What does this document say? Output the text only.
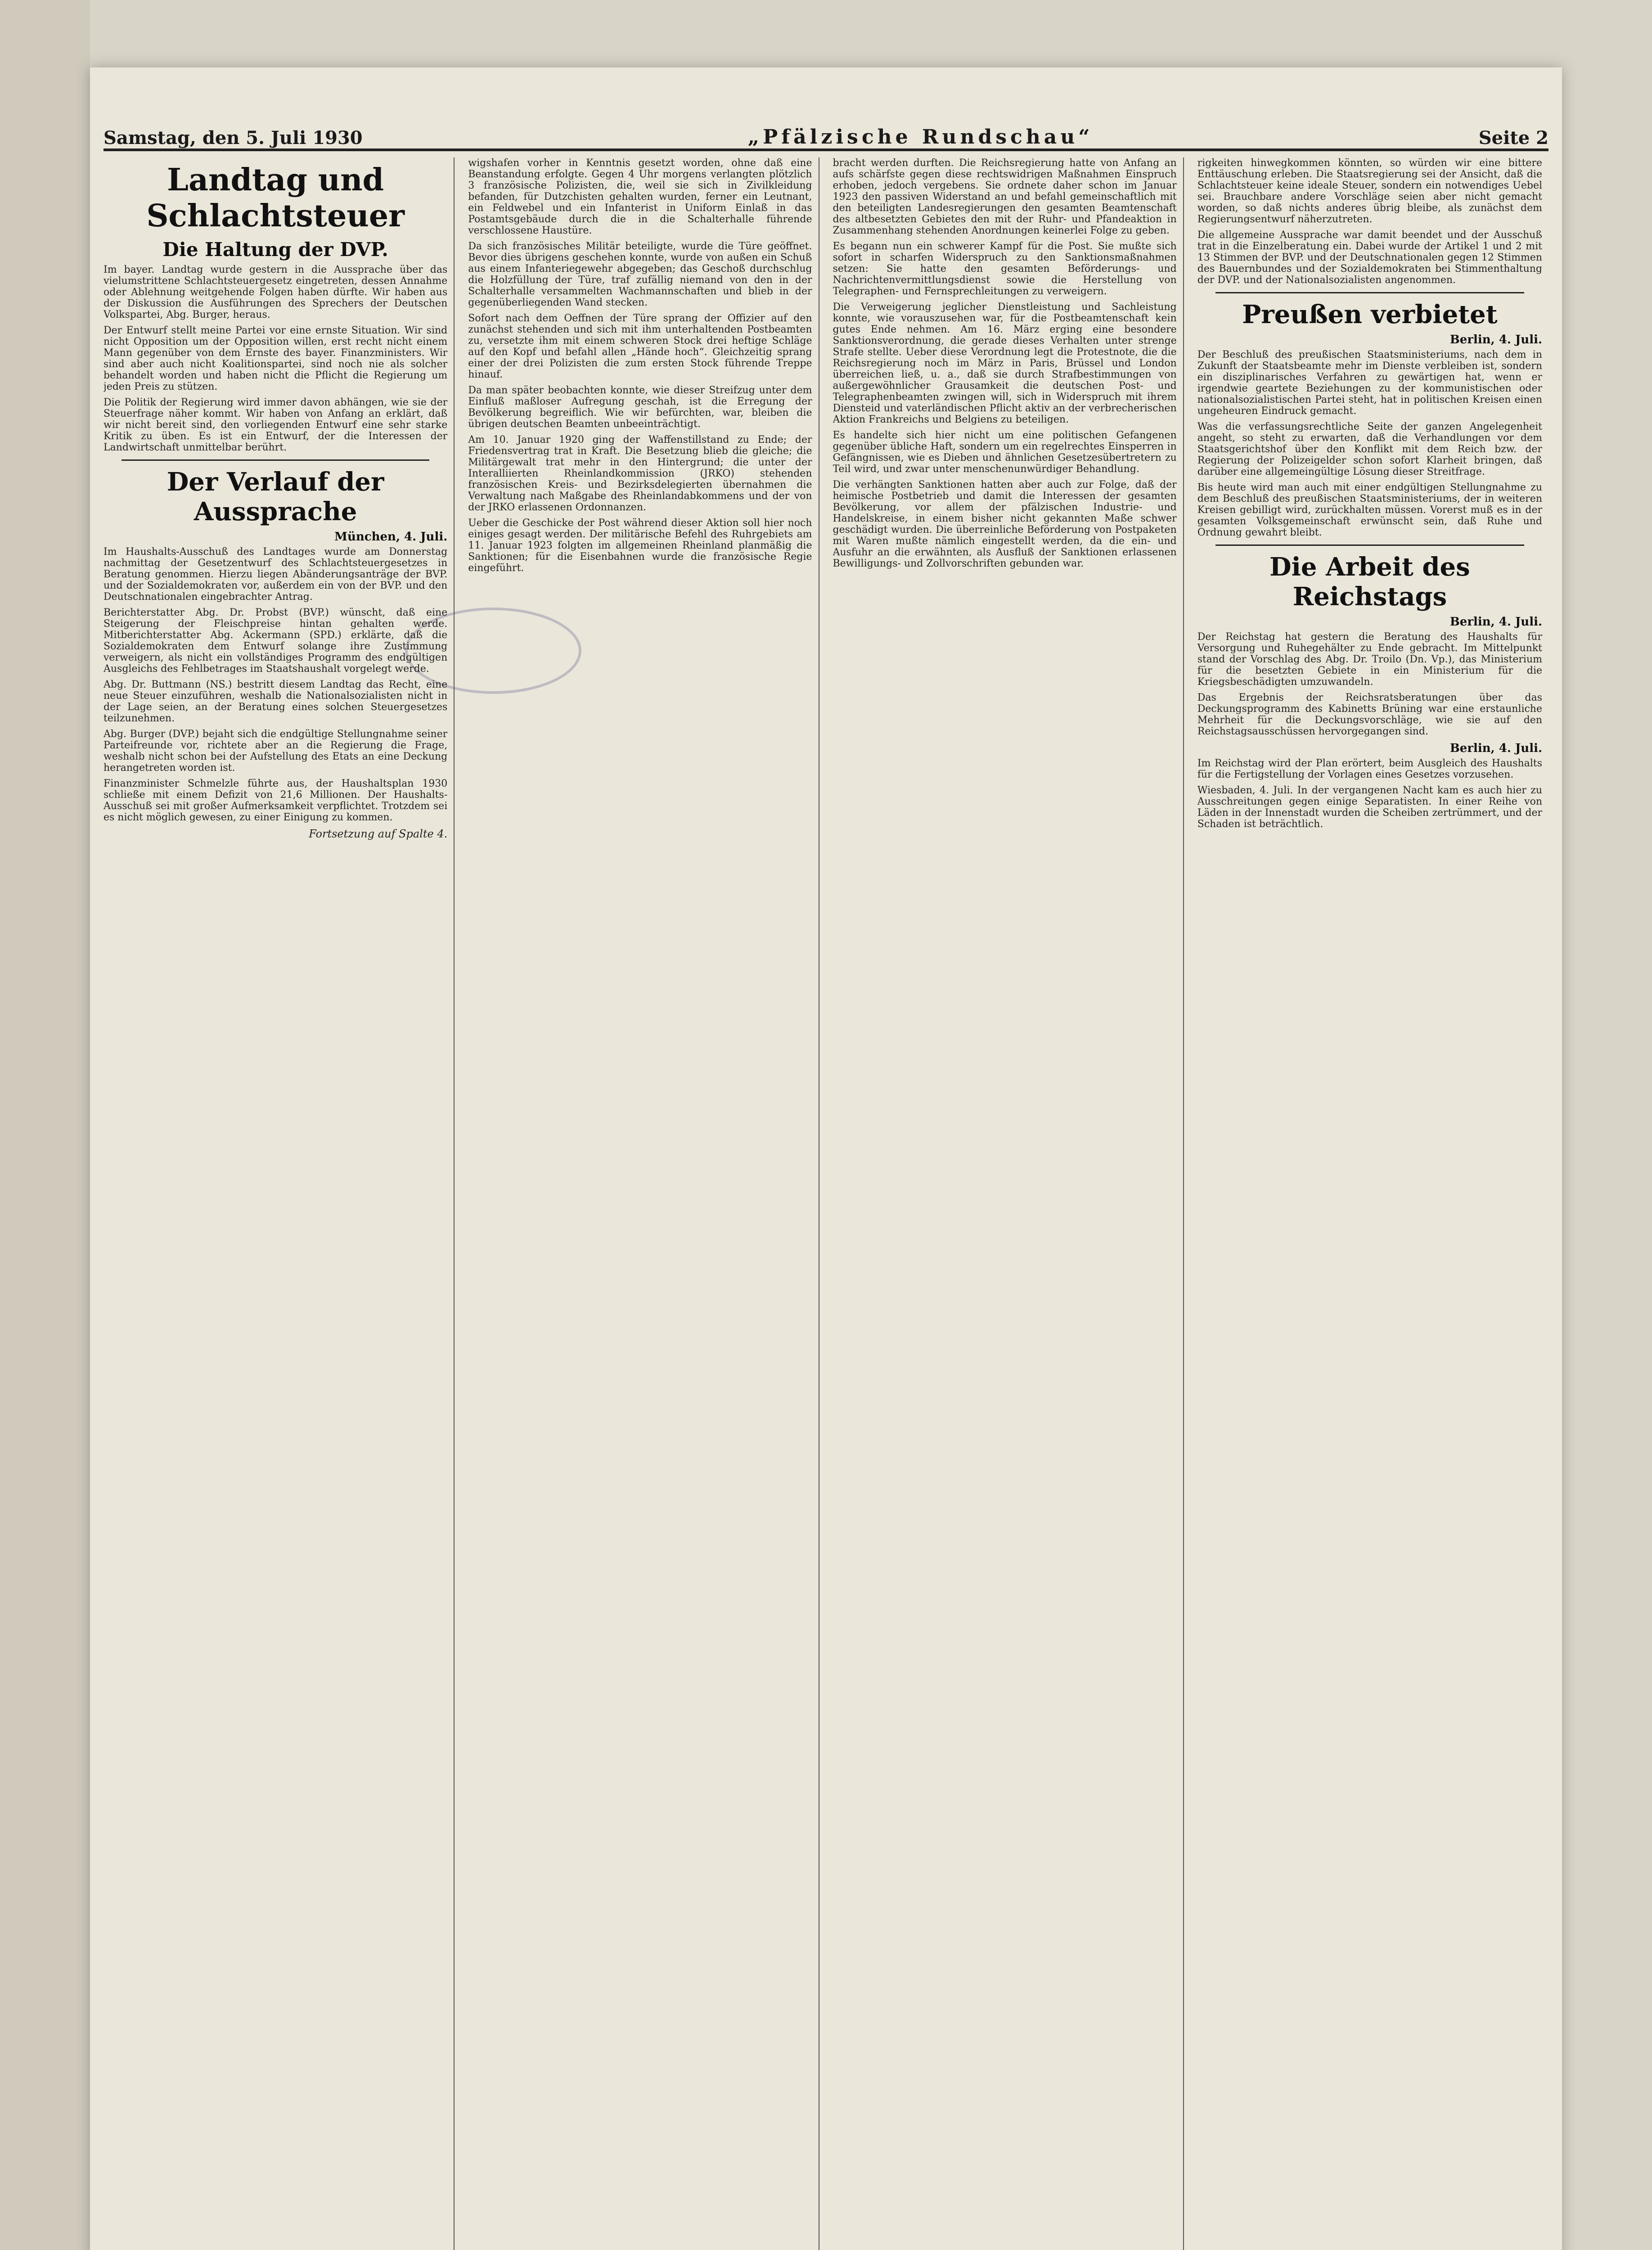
Samstag, den 5. Juli 1930	„Pfälzische Rundschau“	Seite 2
Landtag und Schlachtsteuer
Die Haltung der DVP.

Im bayer. Landtag wurde gestern in die Aussprache über das vielumstrittene Schlachtsteuergesetz eingetreten, dessen Annahme oder Ablehnung weitgehende Folgen haben dürfte. Wir haben aus der Diskussion die Ausführungen des Sprechers der Deutschen Volkspartei, Abg. Burger, heraus.

Der Entwurf stellt meine Partei vor eine ernste Situation. Wir sind nicht Opposition um der Opposition willen, erst recht nicht einem Mann gegenüber von dem Ernste des bayer. Finanzministers. Wir sind aber auch nicht Koalitionspartei, sind noch nie als solcher behandelt worden und haben nicht die Pflicht die Regierung um jeden Preis zu stützen.

Die Politik der Regierung wird immer davon abhängen, wie sie der Steuerfrage näher kommt. Wir haben von Anfang an erklärt, daß wir nicht bereit sind, den vorliegenden Entwurf eine sehr starke Kritik zu üben. Es ist ein Entwurf, der die Interessen der Landwirtschaft unmittelbar berührt.

Der Verlauf der Aussprache
München, 4. Juli.

Im Haushalts-Ausschuß des Landtages wurde am Donnerstag nachmittag der Gesetzentwurf des Schlachtsteuergesetzes in Beratung genommen. Hierzu liegen Abänderungsanträge der BVP. und der Sozialdemokraten vor, außerdem ein von der BVP. und den Deutschnationalen eingebrachter Antrag.

Berichterstatter Abg. Dr. Probst (BVP.) wünscht, daß eine Steigerung der Fleischpreise hintan gehalten werde. Mitberichterstatter Abg. Ackermann (SPD.) erklärte, daß die Sozialdemokraten dem Entwurf solange ihre Zustimmung verweigern, als nicht ein vollständiges Programm des endgültigen Ausgleichs des Fehlbetrages im Staatshaushalt vorgelegt werde.

Abg. Dr. Buttmann (NS.) bestritt diesem Landtag das Recht, eine neue Steuer einzuführen, weshalb die Nationalsozialisten nicht in der Lage seien, an der Beratung eines solchen Steuergesetzes teilzunehmen.

Abg. Burger (DVP.) bejaht sich die endgültige Stellungnahme seiner Parteifreunde vor, richtete aber an die Regierung die Frage, weshalb nicht schon bei der Aufstellung des Etats an eine Deckung herangetreten worden ist.

Finanzminister Schmelzle führte aus, der Haushaltsplan 1930 schließe mit einem Defizit von 21,6 Millionen. Der Haushalts-Ausschuß sei mit großer Aufmerksamkeit verpflichtet. Trotzdem sei es nicht möglich gewesen, zu einer Einigung zu kommen.

Fortsetzung auf Spalte 4.

wigshafen vorher in Kenntnis gesetzt worden, ohne daß eine Beanstandung erfolgte. Gegen 4 Uhr morgens verlangten plötzlich 3 französische Polizisten, die, weil sie sich in Zivilkleidung befanden, für Dutzchisten gehalten wurden, ferner ein Leutnant, ein Feldwebel und ein Infanterist in Uniform Einlaß in das Postamtsgebäude durch die in die Schalterhalle führende verschlossene Haustüre.

Da sich französisches Militär beteiligte, wurde die Türe geöffnet. Bevor dies übrigens geschehen konnte, wurde von außen ein Schuß aus einem Infanteriegewehr abgegeben; das Geschoß durchschlug die Holzfüllung der Türe, traf zufällig niemand von den in der Schalterhalle versammelten Wachmannschaften und blieb in der gegenüberliegenden Wand stecken.

Sofort nach dem Oeffnen der Türe sprang der Offizier auf den zunächst stehenden und sich mit ihm unterhaltenden Postbeamten zu, versetzte ihm mit einem schweren Stock drei heftige Schläge auf den Kopf und befahl allen „Hände hoch“. Gleichzeitig sprang einer der drei Polizisten die zum ersten Stock führende Treppe hinauf.

Da man später beobachten konnte, wie dieser Streifzug unter dem Einfluß maßloser Aufregung geschah, ist die Erregung der Bevölkerung begreiflich. Wie wir befürchten, war, bleiben die übrigen deutschen Beamten unbeeinträchtigt.

Am 10. Januar 1920 ging der Waffenstillstand zu Ende; der Friedensvertrag trat in Kraft. Die Besetzung blieb die gleiche; die Militärgewalt trat mehr in den Hintergrund; die unter der Interalliierten Rheinlandkommission (JRKO) stehenden französischen Kreis- und Bezirksdelegierten übernahmen die Verwaltung nach Maßgabe des Rheinlandabkommens und der von der JRKO erlassenen Ordonnanzen.

Ueber die Geschicke der Post während dieser Aktion soll hier noch einiges gesagt werden. Der militärische Befehl des Ruhrgebiets am 11. Januar 1923 folgten im allgemeinen Rheinland planmäßig die Sanktionen; für die Eisenbahnen wurde die französische Regie eingeführt.

bracht werden durften. Die Reichsregierung hatte von Anfang an aufs schärfste gegen diese rechtswidrigen Maßnahmen Einspruch erhoben, jedoch vergebens. Sie ordnete daher schon im Januar 1923 den passiven Widerstand an und befahl gemeinschaftlich mit den beteiligten Landesregierungen den gesamten Beamtenschaft des altbesetzten Gebietes den mit der Ruhr- und Pfandeaktion in Zusammenhang stehenden Anordnungen keinerlei Folge zu geben.

Es begann nun ein schwerer Kampf für die Post. Sie mußte sich sofort in scharfen Widerspruch zu den Sanktionsmaßnahmen setzen: Sie hatte den gesamten Beförderungs- und Nachrichtenvermittlungsdienst sowie die Herstellung von Telegraphen- und Fernsprechleitungen zu verweigern.

Die Verweigerung jeglicher Dienstleistung und Sachleistung konnte, wie vorauszusehen war, für die Postbeamtenschaft kein gutes Ende nehmen. Am 16. März erging eine besondere Sanktionsverordnung, die gerade dieses Verhalten unter strenge Strafe stellte. Ueber diese Verordnung legt die Protestnote, die die Reichsregierung noch im März in Paris, Brüssel und London überreichen ließ, u. a., daß sie durch Strafbestimmungen von außergewöhnlicher Grausamkeit die deutschen Post- und Telegraphenbeamten zwingen will, sich in Widerspruch mit ihrem Diensteid und vaterländischen Pflicht aktiv an der verbrecherischen Aktion Frankreichs und Belgiens zu beteiligen.

Es handelte sich hier nicht um eine politischen Gefangenen gegenüber übliche Haft, sondern um ein regelrechtes Einsperren in Gefängnissen, wie es Dieben und ähnlichen Gesetzesübertretern zu Teil wird, und zwar unter menschenunwürdiger Behandlung.

Die verhängten Sanktionen hatten aber auch zur Folge, daß der heimische Postbetrieb und damit die Interessen der gesamten Bevölkerung, vor allem der pfälzischen Industrie- und Handelskreise, in einem bisher nicht gekannten Maße schwer geschädigt wurden. Die überreinliche Beförderung von Postpaketen mit Waren mußte nämlich eingestellt werden, da die ein- und Ausfuhr an die erwähnten, als Ausfluß der Sanktionen erlassenen Bewilligungs- und Zollvorschriften gebunden war.

rigkeiten hinwegkommen könnten, so würden wir eine bittere Enttäuschung erleben. Die Staatsregierung sei der Ansicht, daß die Schlachtsteuer keine ideale Steuer, sondern ein notwendiges Uebel sei. Brauchbare andere Vorschläge seien aber nicht gemacht worden, so daß nichts anderes übrig bleibe, als zunächst dem Regierungsentwurf näherzutreten.

Die allgemeine Aussprache war damit beendet und der Ausschuß trat in die Einzelberatung ein. Dabei wurde der Artikel 1 und 2 mit 13 Stimmen der BVP. und der Deutschnationalen gegen 12 Stimmen des Bauernbundes und der Sozialdemokraten bei Stimmenthaltung der DVP. und der Nationalsozialisten angenommen.

Preußen verbietet
Berlin, 4. Juli.

Der Beschluß des preußischen Staatsministeriums, nach dem in Zukunft der Staatsbeamte mehr im Dienste verbleiben ist, sondern ein disziplinarisches Verfahren zu gewärtigen hat, wenn er irgendwie geartete Beziehungen zu der kommunistischen oder nationalsozialistischen Partei steht, hat in politischen Kreisen einen ungeheuren Eindruck gemacht.

Was die verfassungsrechtliche Seite der ganzen Angelegenheit angeht, so steht zu erwarten, daß die Verhandlungen vor dem Staatsgerichtshof über den Konflikt mit dem Reich bzw. der Regierung der Polizeigelder schon sofort Klarheit bringen, daß darüber eine allgemeingültige Lösung dieser Streitfrage.

Bis heute wird man auch mit einer endgültigen Stellungnahme zu dem Beschluß des preußischen Staatsministeriums, der in weiteren Kreisen gebilligt wird, zurückhalten müssen. Vorerst muß es in der gesamten Volksgemeinschaft erwünscht sein, daß Ruhe und Ordnung gewahrt bleibt.

Die Arbeit des Reichstags
Berlin, 4. Juli.

Der Reichstag hat gestern die Beratung des Haushalts für Versorgung und Ruhegehälter zu Ende gebracht. Im Mittelpunkt stand der Vorschlag des Abg. Dr. Troilo (Dn. Vp.), das Ministerium für die besetzten Gebiete in ein Ministerium für die Kriegsbeschädigten umzuwandeln.

Das Ergebnis der Reichsratsberatungen über das Deckungsprogramm des Kabinetts Brüning war eine erstaunliche Mehrheit für die Deckungsvorschläge, wie sie auf den Reichstagsausschüssen hervorgegangen sind.

Berlin, 4. Juli.

Im Reichstag wird der Plan erörtert, beim Ausgleich des Haushalts für die Fertigstellung der Vorlagen eines Gesetzes vorzusehen.

Wiesbaden, 4. Juli. In der vergangenen Nacht kam es auch hier zu Ausschreitungen gegen einige Separatisten. In einer Reihe von Läden in der Innenstadt wurden die Scheiben zertrümmert, und der Schaden ist beträchtlich.
